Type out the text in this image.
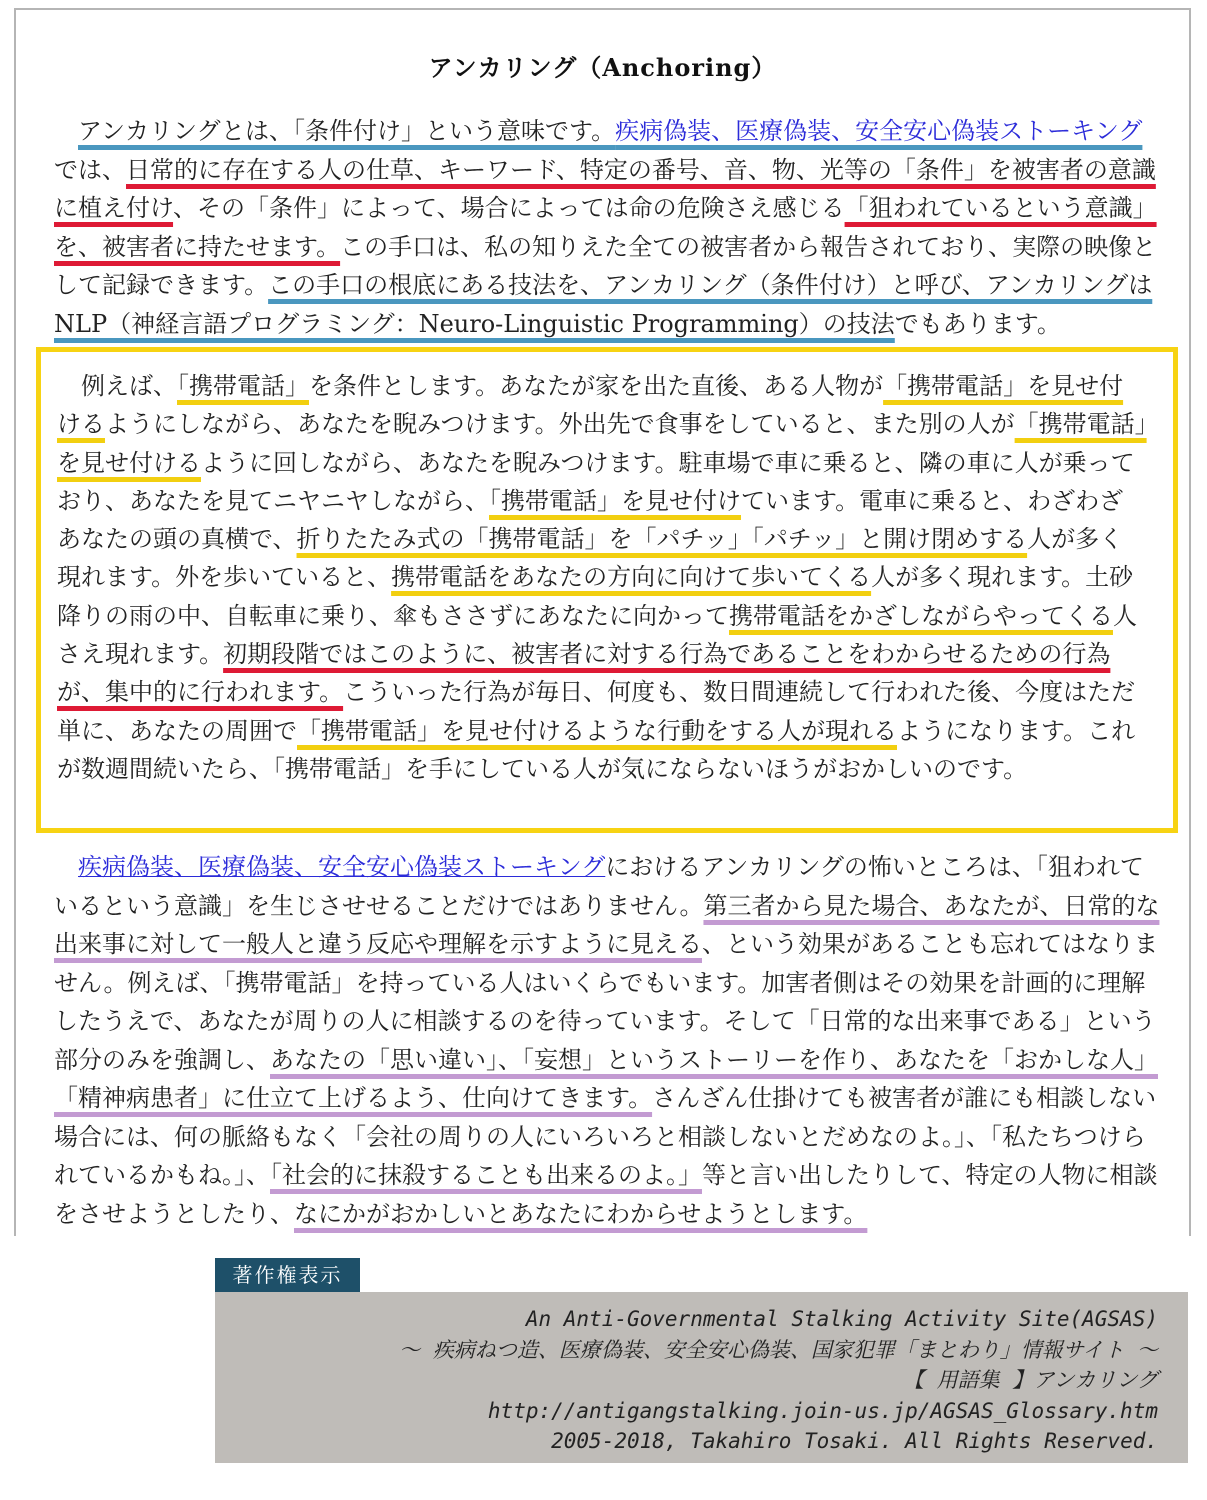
アンカリング（Anchoring）

アンカリングとは、「条件付け」という意味です。疾病偽装、医療偽装、安全安心偽装ストーキングでは、日常的に存在する人の仕草、キーワード、特定の番号、音、物、光等の「条件」を被害者の意識に植え付け、その「条件」によって、場合によっては命の危険さえ感じる「狙われているという意識」を、被害者に持たせます。この手口は、私の知りえた全ての被害者から報告されており、実際の映像として記録できます。この手口の根底にある技法を、アンカリング（条件付け）と呼び、アンカリングはNLP（神経言語プログラミング：Neuro-Linguistic Programming）の技法でもあります。

例えば、「携帯電話」を条件とします。あなたが家を出た直後、ある人物が「携帯電話」を見せ付けるようにしながら、あなたを睨みつけます。外出先で食事をしていると、また別の人が「携帯電話」を見せ付けるように回しながら、あなたを睨みつけます。駐車場で車に乗ると、隣の車に人が乗っており、あなたを見てニヤニヤしながら、「携帯電話」を見せ付けています。電車に乗ると、わざわざあなたの頭の真横で、折りたたみ式の「携帯電話」を「パチッ」「パチッ」と開け閉めする人が多く現れます。外を歩いていると、携帯電話をあなたの方向に向けて歩いてくる人が多く現れます。土砂降りの雨の中、自転車に乗り、傘もささずにあなたに向かって携帯電話をかざしながらやってくる人さえ現れます。初期段階ではこのように、被害者に対する行為であることをわからせるための行為が、集中的に行われます。こういった行為が毎日、何度も、数日間連続して行われた後、今度はただ単に、あなたの周囲で「携帯電話」を見せ付けるような行動をする人が現れるようになります。これが数週間続いたら、「携帯電話」を手にしている人が気にならないほうがおかしいのです。

疾病偽装、医療偽装、安全安心偽装ストーキングにおけるアンカリングの怖いところは、「狙われているという意識」を生じさせせることだけではありません。第三者から見た場合、あなたが、日常的な出来事に対して一般人と違う反応や理解を示すように見える、という効果があることも忘れてはなりません。例えば、「携帯電話」を持っている人はいくらでもいます。加害者側はその効果を計画的に理解したうえで、あなたが周りの人に相談するのを待っています。そして「日常的な出来事である」という部分のみを強調し、あなたの「思い違い」、「妄想」というストーリーを作り、あなたを「おかしな人」「精神病患者」に仕立て上げるよう、仕向けてきます。さんざん仕掛けても被害者が誰にも相談しない場合には、何の脈絡もなく「会社の周りの人にいろいろと相談しないとだめなのよ。」、「私たちつけられているかもね。」、「社会的に抹殺することも出来るのよ。」等と言い出したりして、特定の人物に相談をさせようとしたり、なにかがおかしいとあなたにわからせようとします。

著作権表示
An Anti-Governmental Stalking Activity Site(AGSAS)
～ 疾病ねつ造、医療偽装、安全安心偽装、国家犯罪「まとわり」情報サイト ～
【 用語集 】アンカリング
http://antigangstalking.join-us.jp/AGSAS_Glossary.htm
2005-2018, Takahiro Tosaki. All Rights Reserved.
